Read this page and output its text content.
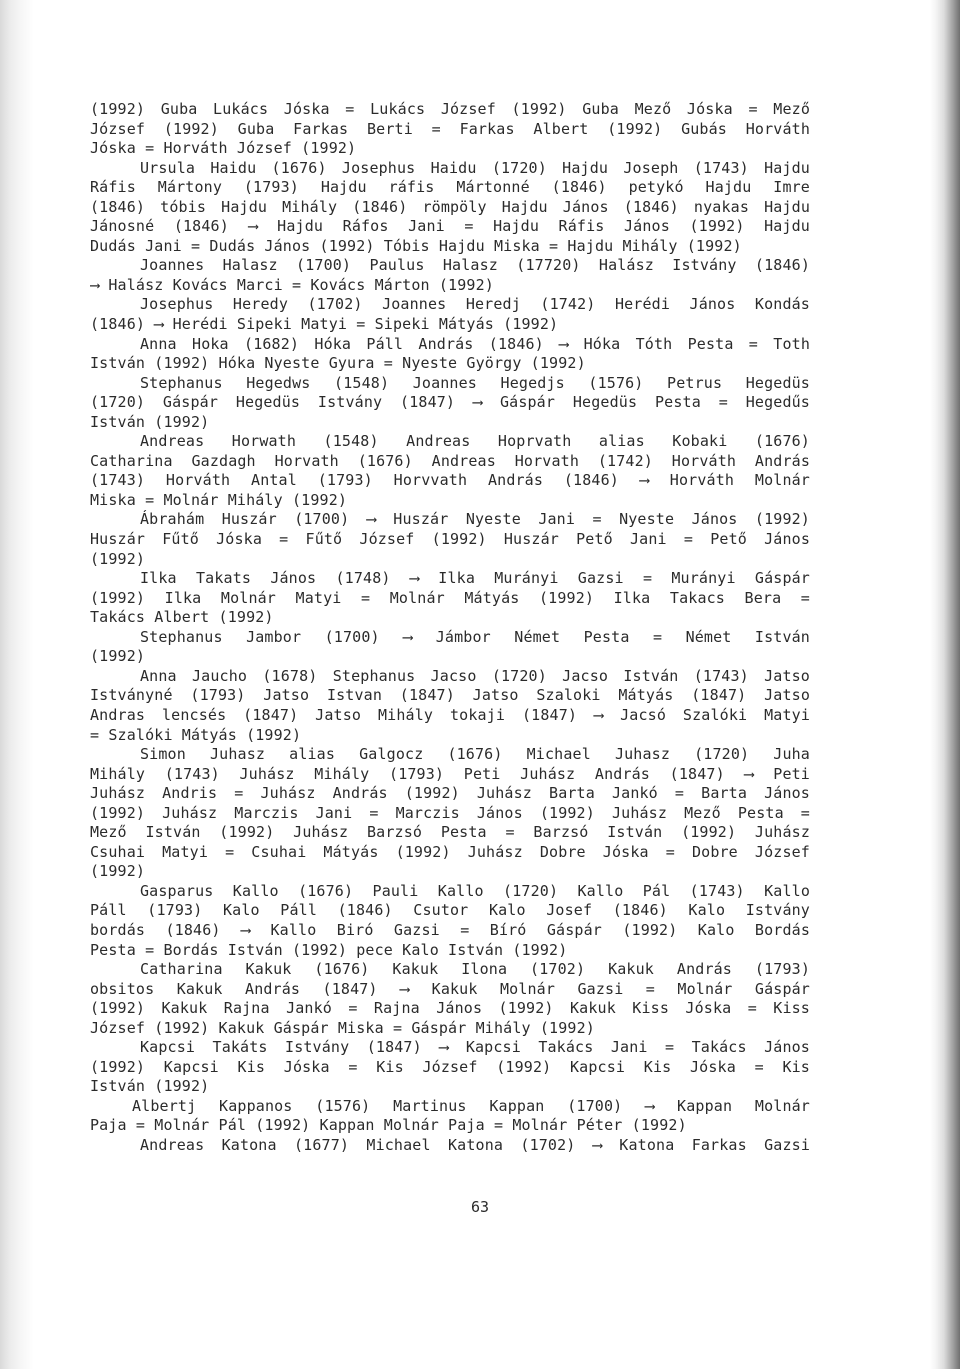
(1992) Guba Lukács Jóska = Lukács József (1992) Guba Mező Jóska = Mező
József (1992) Guba Farkas Berti = Farkas Albert (1992) Gubás Horváth
Jóska = Horváth József (1992)
Ursula Haidu (1676) Josephus Haidu (1720) Hajdu Joseph (1743) Hajdu
Ráfis Mártony (1793) Hajdu ráfis Mártonné (1846) petykó Hajdu Imre
(1846) tóbis Hajdu Mihály (1846) römpöly Hajdu János (1846) nyakas Hajdu
Jánosné (1846) ⟶ Hajdu Ráfos Jani = Hajdu Ráfis János (1992) Hajdu
Dudás Jani = Dudás János (1992) Tóbis Hajdu Miska = Hajdu Mihály (1992)
Joannes Halasz (1700) Paulus Halasz (17720) Halász Istvány (1846)
⟶ Halász Kovács Marci = Kovács Márton (1992)
Josephus Heredy (1702) Joannes Heredj (1742) Herédi János Kondás
(1846) ⟶ Herédi Sipeki Matyi = Sipeki Mátyás (1992)
Anna Hoka (1682) Hóka Páll András (1846) ⟶ Hóka Tóth Pesta = Toth
István (1992) Hóka Nyeste Gyura = Nyeste György (1992)
Stephanus Hegedws (1548) Joannes Hegedjs (1576) Petrus Hegedüs
(1720) Gáspár Hegedüs Istvány (1847) ⟶ Gáspár Hegedüs Pesta = Hegedűs
István (1992)
Andreas Horwath (1548) Andreas Hoprvath alias Kobaki (1676)
Catharina Gazdagh Horvath (1676) Andreas Horvath (1742) Horváth András
(1743) Horváth Antal (1793) Horvvath András (1846) ⟶ Horváth Molnár
Miska = Molnár Mihály (1992)
Ábrahám Huszár (1700) ⟶ Huszár Nyeste Jani = Nyeste János (1992)
Huszár Fűtő Jóska = Fűtő József (1992) Huszár Pető Jani = Pető János
(1992)
Ilka Takats János (1748) ⟶ Ilka Murányi Gazsi = Murányi Gáspár
(1992) Ilka Molnár Matyi = Molnár Mátyás (1992) Ilka Takacs Bera =
Takács Albert (1992)
Stephanus Jambor (1700) ⟶ Jámbor Német Pesta = Német István
(1992)
Anna Jaucho (1678) Stephanus Jacso (1720) Jacso István (1743) Jatso
Istványné (1793) Jatso Istvan (1847) Jatso Szaloki Mátyás (1847) Jatso
Andras lencsés (1847) Jatso Mihály tokaji (1847) ⟶ Jacsó Szalóki Matyi
= Szalóki Mátyás (1992)
Simon Juhasz alias Galgocz (1676) Michael Juhasz (1720) Juha
Mihály (1743) Juhász Mihály (1793) Peti Juhász András (1847) ⟶ Peti
Juhász Andris = Juhász András (1992) Juhász Barta Jankó = Barta János
(1992) Juhász Marczis Jani = Marczis János (1992) Juhász Mező Pesta =
Mező István (1992) Juhász Barzsó Pesta = Barzsó István (1992) Juhász
Csuhai Matyi = Csuhai Mátyás (1992) Juhász Dobre Jóska = Dobre József
(1992)
Gasparus Kallo (1676) Pauli Kallo (1720) Kallo Pál (1743) Kallo
Páll (1793) Kalo Páll (1846) Csutor Kalo Josef (1846) Kalo Istvány
bordás (1846) ⟶ Kallo Biró Gazsi = Bíró Gáspár (1992) Kalo Bordás
Pesta = Bordás István (1992) pece Kalo István (1992)
Catharina Kakuk (1676) Kakuk Ilona (1702) Kakuk András (1793)
obsitos Kakuk András (1847) ⟶ Kakuk Molnár Gazsi = Molnár Gáspár
(1992) Kakuk Rajna Jankó = Rajna János (1992) Kakuk Kiss Jóska = Kiss
József (1992) Kakuk Gáspár Miska = Gáspár Mihály (1992)
Kapcsi Takáts Istvány (1847) ⟶ Kapcsi Takács Jani = Takács János
(1992) Kapcsi Kis Jóska = Kis József (1992) Kapcsi Kis Jóska = Kis
István (1992)
Albertj Kappanos (1576) Martinus Kappan (1700) ⟶ Kappan Molnár
Paja = Molnár Pál (1992) Kappan Molnár Paja = Molnár Péter (1992)
Andreas Katona (1677) Michael Katona (1702) ⟶ Katona Farkas Gazsi
63
